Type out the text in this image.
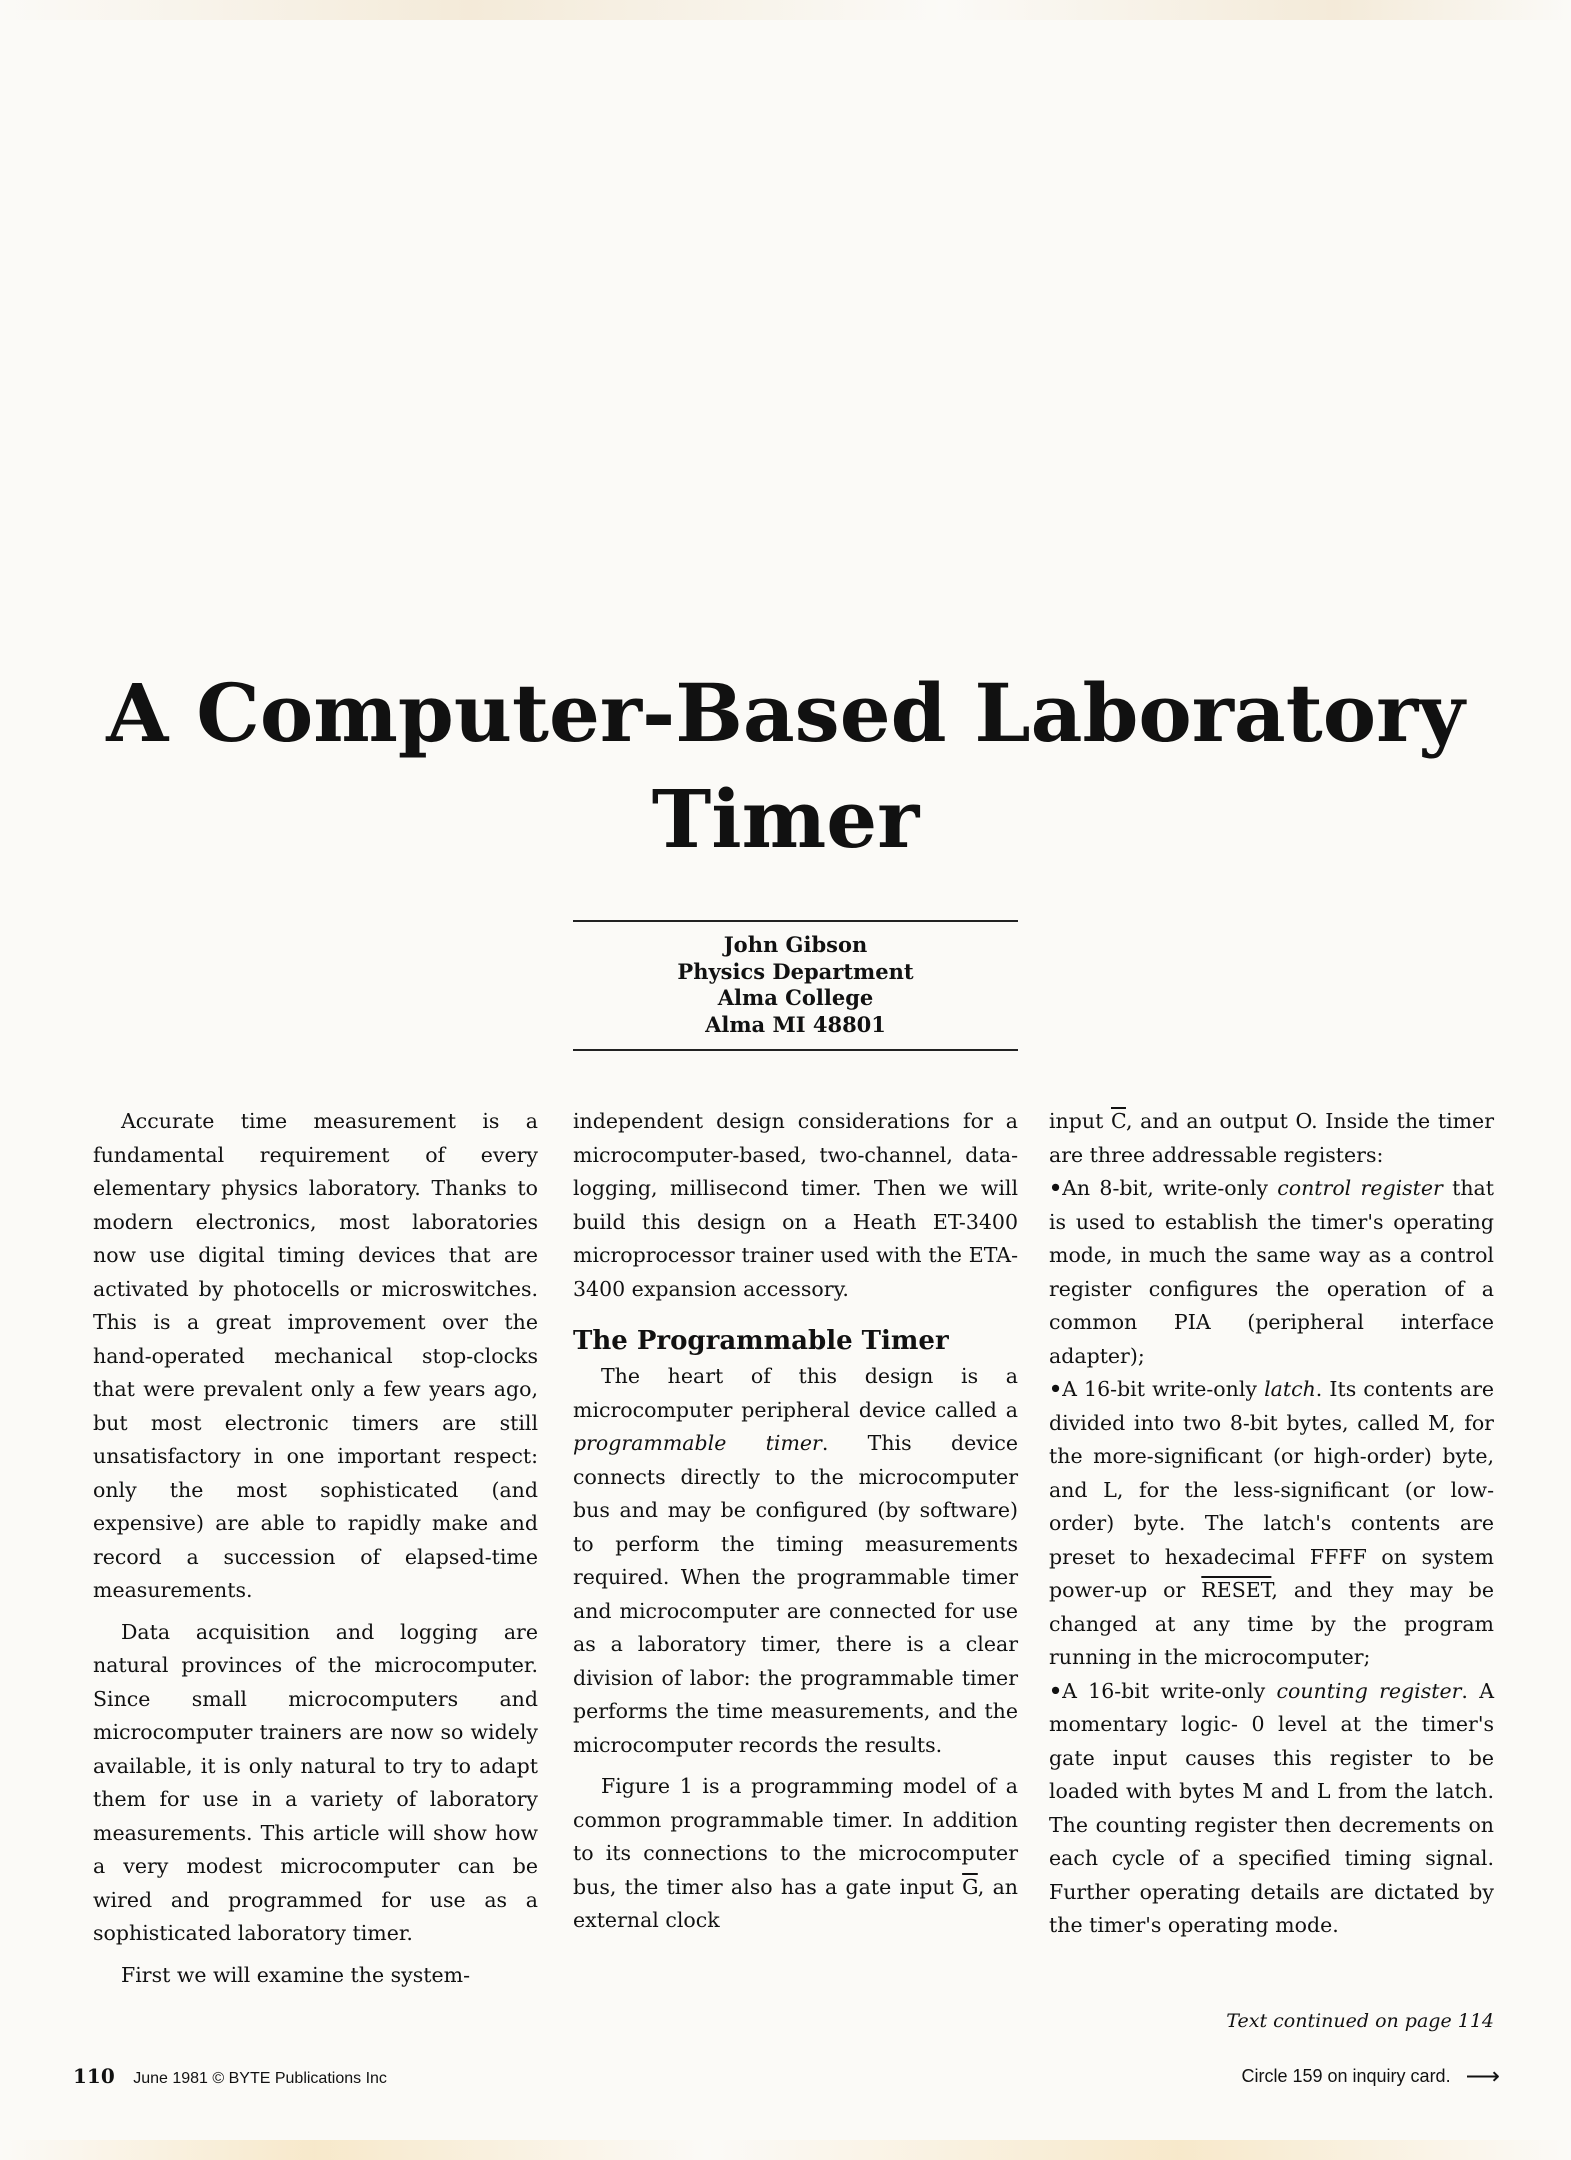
A Computer-Based Laboratory
Timer
John Gibson
Physics Department
Alma College
Alma MI 48801

Accurate time measurement is a fundamental requirement of every elementary physics laboratory. Thanks to modern electronics, most laboratories now use digital timing devices that are activated by photocells or microswitches. This is a great improvement over the hand-operated mechanical stop-clocks that were prevalent only a few years ago, but most electronic timers are still unsatisfactory in one important respect: only the most sophisticated (and expensive) are able to rapidly make and record a succession of elapsed-time measurements.

Data acquisition and logging are natural provinces of the microcomputer. Since small microcomputers and microcomputer trainers are now so widely available, it is only natural to try to adapt them for use in a variety of laboratory measurements. This article will show how a very modest microcomputer can be wired and programmed for use as a sophisticated laboratory timer.

First we will examine the system-

independent design considerations for a microcomputer-based, two-channel, data-logging, millisecond timer. Then we will build this design on a Heath ET-3400 microprocessor trainer used with the ETA-3400 expansion accessory.

The Programmable Timer

The heart of this design is a microcomputer peripheral device called a programmable timer. This device connects directly to the microcomputer bus and may be configured (by software) to perform the timing measurements required. When the programmable timer and microcomputer are connected for use as a laboratory timer, there is a clear division of labor: the programmable timer performs the time measurements, and the microcomputer records the results.

Figure 1 is a programming model of a common programmable timer. In addition to its connections to the microcomputer bus, the timer also has a gate input $\overline{G}$, an external clock

input $\overline{C}$, and an output O. Inside the timer are three addressable registers:

•An 8-bit, write-only control register that is used to establish the timer's operating mode, in much the same way as a control register configures the operation of a common PIA (peripheral interface adapter);

•A 16-bit write-only latch. Its contents are divided into two 8-bit bytes, called M, for the more-significant (or high-order) byte, and L, for the less-significant (or low-order) byte. The latch's contents are preset to hexadecimal FFFF on system power-up or RESET, and they may be changed at any time by the program running in the microcomputer;

•A 16-bit write-only counting register. A momentary logic- 0 level at the timer's gate input causes this register to be loaded with bytes M and L from the latch. The counting register then decrements on each cycle of a specified timing signal. Further operating details are dictated by the timer's operating mode.

Text continued on page 114
110 June 1981 © BYTE Publications Inc	Circle 159 on inquiry card. ⟶
